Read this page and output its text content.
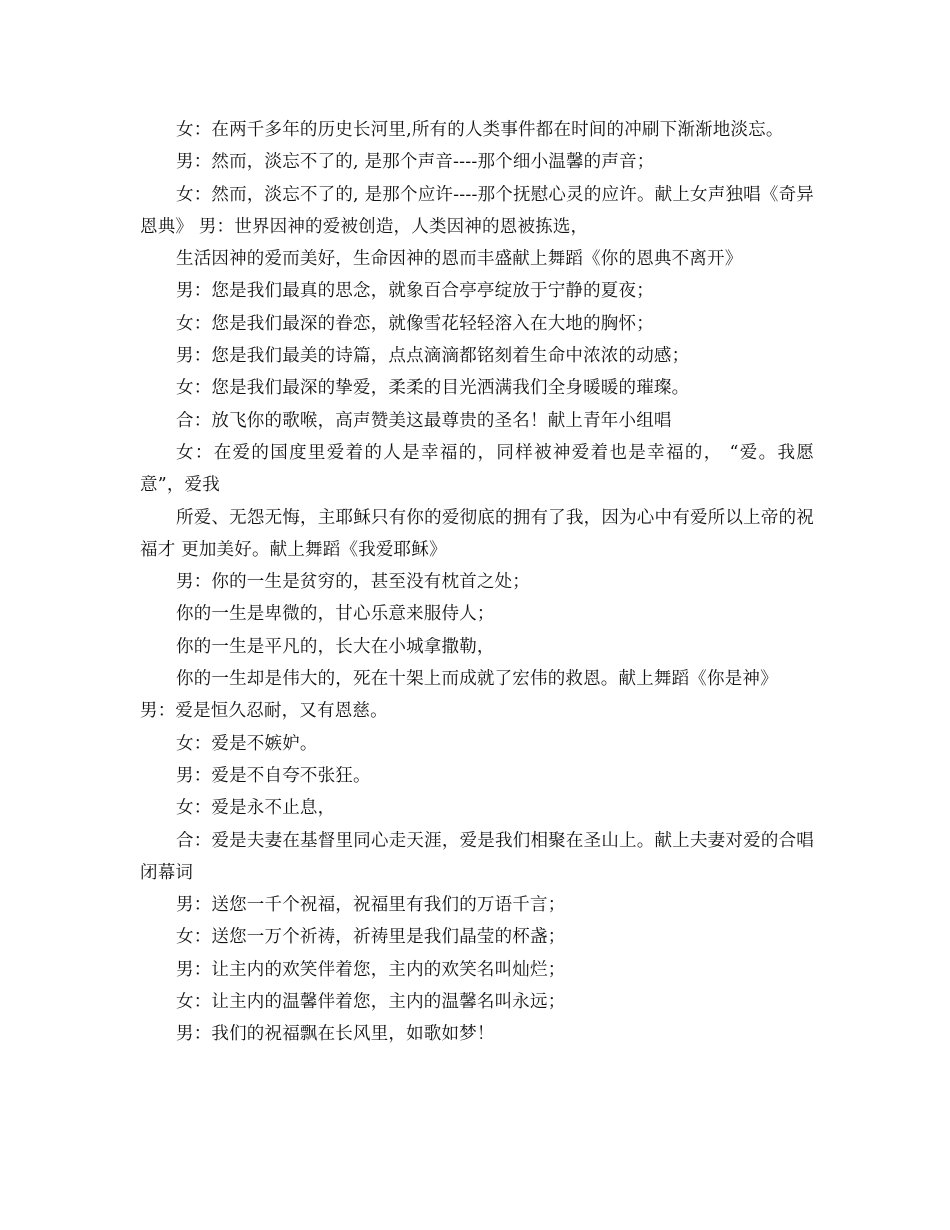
女：在两千多年的历史长河里,所有的人类事件都在时间的冲刷下渐渐地淡忘。

男：然而，淡忘不了的, 是那个声音----那个细小温馨的声音；

女：然而，淡忘不了的, 是那个应许----那个抚慰心灵的应许。献上女声独唱《奇异恩典》 男：世界因神的爱被创造，人类因神的恩被拣选，

生活因神的爱而美好，生命因神的恩而丰盛献上舞蹈《你的恩典不离开》

男：您是我们最真的思念，就象百合亭亭绽放于宁静的夏夜；

女：您是我们最深的眷恋，就像雪花轻轻溶入在大地的胸怀；

男：您是我们最美的诗篇，点点滴滴都铭刻着生命中浓浓的动感；

女：您是我们最深的挚爱，柔柔的目光洒满我们全身暖暖的璀璨。

合：放飞你的歌喉，高声赞美这最尊贵的圣名！献上青年小组唱

女：在爱的国度里爱着的人是幸福的，同样被神爱着也是幸福的， “爱。我愿意”，爱我

所爱、无怨无悔，主耶稣只有你的爱彻底的拥有了我，因为心中有爱所以上帝的祝福才 更加美好。献上舞蹈《我爱耶稣》

男：你的一生是贫穷的，甚至没有枕首之处；

你的一生是卑微的，甘心乐意来服侍人；

你的一生是平凡的，长大在小城拿撒勒，

你的一生却是伟大的，死在十架上而成就了宏伟的救恩。献上舞蹈《你是神》

男：爱是恒久忍耐，又有恩慈。

女：爱是不嫉妒。

男：爱是不自夸不张狂。

女：爱是永不止息，

合：爱是夫妻在基督里同心走天涯，爱是我们相聚在圣山上。献上夫妻对爱的合唱 闭幕词

男：送您一千个祝福，祝福里有我们的万语千言；

女：送您一万个祈祷，祈祷里是我们晶莹的杯盏；

男：让主内的欢笑伴着您，主内的欢笑名叫灿烂；

女：让主内的温馨伴着您，主内的温馨名叫永远；

男：我们的祝福飘在长风里，如歌如梦！
